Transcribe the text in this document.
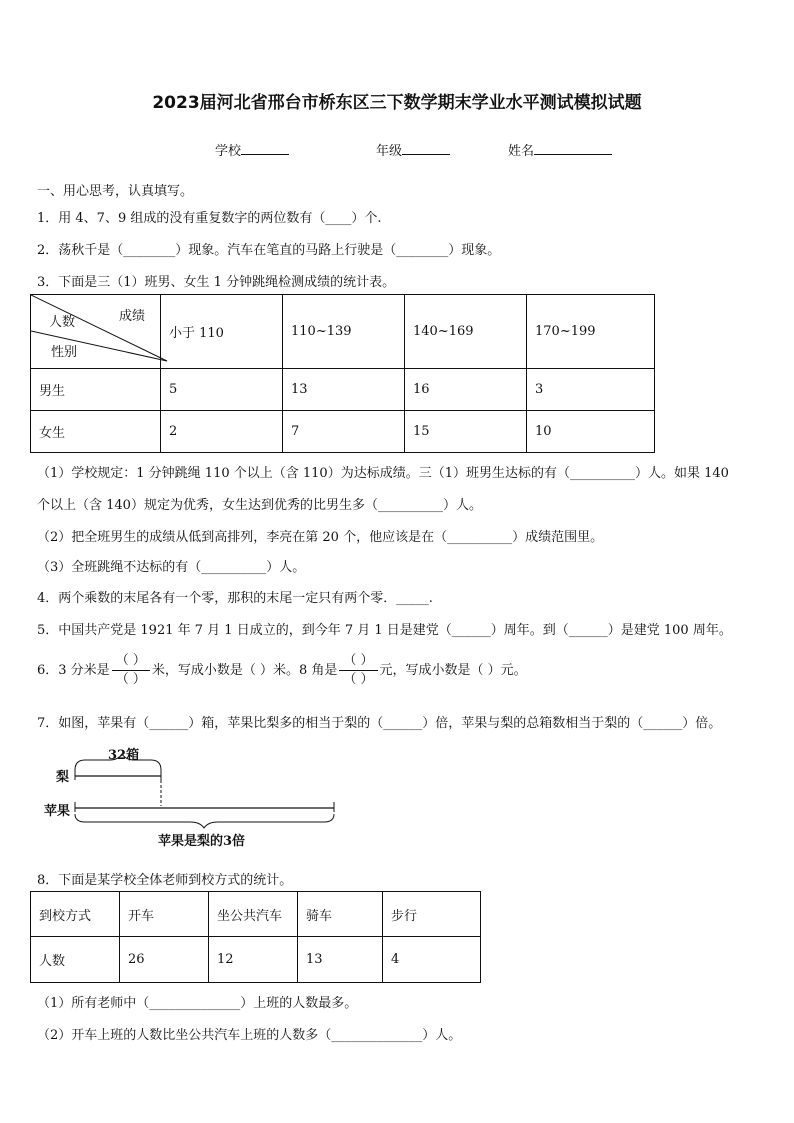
2023届河北省邢台市桥东区三下数学期末学业水平测试模拟试题
学校	年级	姓名
一、用心思考，认真填写。
1．用 4、7、9 组成的没有重复数字的两位数有（____）个.
2．荡秋千是（________）现象。汽车在笔直的马路上行驶是（________）现象。
3．下面是三（1）班男、女生 1 分钟跳绳检测成绩的统计表。
成绩
人数
性别	小于 110	110~139	140~169	170~199
男生	5	13	16	3
女生	2	7	15	10
（1）学校规定：1 分钟跳绳 110 个以上（含 110）为达标成绩。三（1）班男生达标的有（__________）人。如果 140
个以上（含 140）规定为优秀，女生达到优秀的比男生多（__________）人。
（2）把全班男生的成绩从低到高排列，李亮在第 20 个，他应该是在（__________）成绩范围里。
（3）全班跳绳不达标的有（__________）人。
4．两个乘数的末尾各有一个零，那积的末尾一定只有两个零．_____.
5．中国共产党是 1921 年 7 月 1 日成立的，到今年 7 月 1 日是建党（______）周年。到（______）是建党 100 周年。
6．3 分米是 $\frac{( )}{( )}$ 米，写成小数是（ ）米。8 角是 $\frac{( )}{( )}$ 元，写成小数是（ ）元。
7．如图，苹果有（______）箱，苹果比梨多的相当于梨的（______）倍，苹果与梨的总箱数相当于梨的（______）倍。
32箱
梨
苹果
苹果是梨的3倍
8．下面是某学校全体老师到校方式的统计。
到校方式	开车	坐公共汽车	骑车	步行
人数	26	12	13	4
（1）所有老师中（______________）上班的人数最多。
（2）开车上班的人数比坐公共汽车上班的人数多（______________）人。
